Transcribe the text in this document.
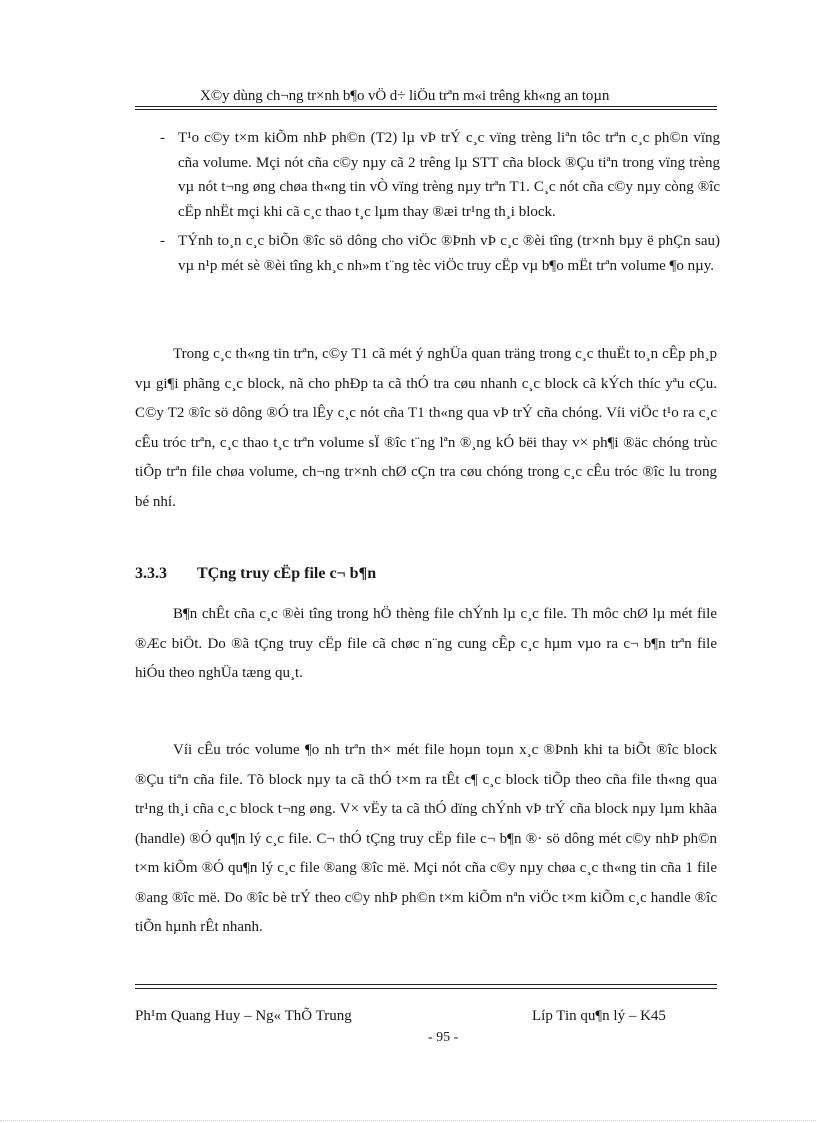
X©y dùng ch¬ng tr×nh b¶o vÖ d÷ liÖu trªn m«i trêng kh«ng an toµn
- T¹o c©y t×m kiÕm nhÞ ph©n (T2) lµ vÞ trÝ c¸c vïng trèng liªn tôc trªn c¸c ph©n vïng cña volume. Mçi nót cña c©y nµy cã 2 trêng lµ STT cña block ®Çu tiªn trong vïng trèng vµ nót t¬ng øng chøa th«ng tin vÒ vïng trèng nµy trªn T1. C¸c nót cña c©y nµy còng ®îc cËp nhËt mçi khi cã c¸c thao t¸c lµm thay ®æi tr¹ng th¸i block.
- TÝnh to¸n c¸c biÕn ®îc sö dông cho viÖc ®Þnh vÞ c¸c ®èi tîng (tr×nh bµy ë phÇn sau) vµ n¹p mét sè ®èi tîng kh¸c nh»m t¨ng tèc viÖc truy cËp vµ b¶o mËt trªn volume ¶o nµy.

Trong c¸c th«ng tin trªn, c©y T1 cã mét ý nghÜa quan träng trong c¸c thuËt to¸n cÊp ph¸p vµ gi¶i phãng c¸c block, nã cho phÐp ta cã thÓ tra cøu nhanh c¸c block cã kÝch thíc yªu cÇu. C©y T2 ®îc sö dông ®Ó tra lÊy c¸c nót cña T1 th«ng qua vÞ trÝ cña chóng. Víi viÖc t¹o ra c¸c cÊu tróc trªn, c¸c thao t¸c trªn volume sÏ ®îc t¨ng lªn ®¸ng kÓ bëi thay v× ph¶i ®äc chóng trùc tiÕp trªn file chøa volume, ch¬ng tr×nh chØ cÇn tra cøu chóng trong c¸c cÊu tróc ®îc lu trong bé nhí.

3.3.3 TÇng truy cËp file c¬ b¶n

B¶n chÊt cña c¸c ®èi tîng trong hÖ thèng file chÝnh lµ c¸c file. Th môc chØ lµ mét file ®Æc biÖt. Do ®ã tÇng truy cËp file cã chøc n¨ng cung cÊp c¸c hµm vµo ra c¬ b¶n trªn file hiÓu theo nghÜa tæng qu¸t.

Víi cÊu tróc volume ¶o nh trªn th× mét file hoµn toµn x¸c ®Þnh khi ta biÕt ®îc block ®Çu tiªn cña file. Tõ block nµy ta cã thÓ t×m ra tÊt c¶ c¸c block tiÕp theo cña file th«ng qua tr¹ng th¸i cña c¸c block t¬ng øng. V× vËy ta cã thÓ dïng chÝnh vÞ trÝ cña block nµy lµm khãa (handle) ®Ó qu¶n lý c¸c file. C¬ thÓ tÇng truy cËp file c¬ b¶n ®· sö dông mét c©y nhÞ ph©n t×m kiÕm ®Ó qu¶n lý c¸c file ®ang ®îc më. Mçi nót cña c©y nµy chøa c¸c th«ng tin cña 1 file ®ang ®îc më. Do ®îc bè trÝ theo c©y nhÞ ph©n t×m kiÕm nªn viÖc t×m kiÕm c¸c handle ®îc tiÕn hµnh rÊt nhanh.

Ph¹m Quang Huy – Ng« ThÕ Trung	Líp Tin qu¶n lý – K45
- 95 -
